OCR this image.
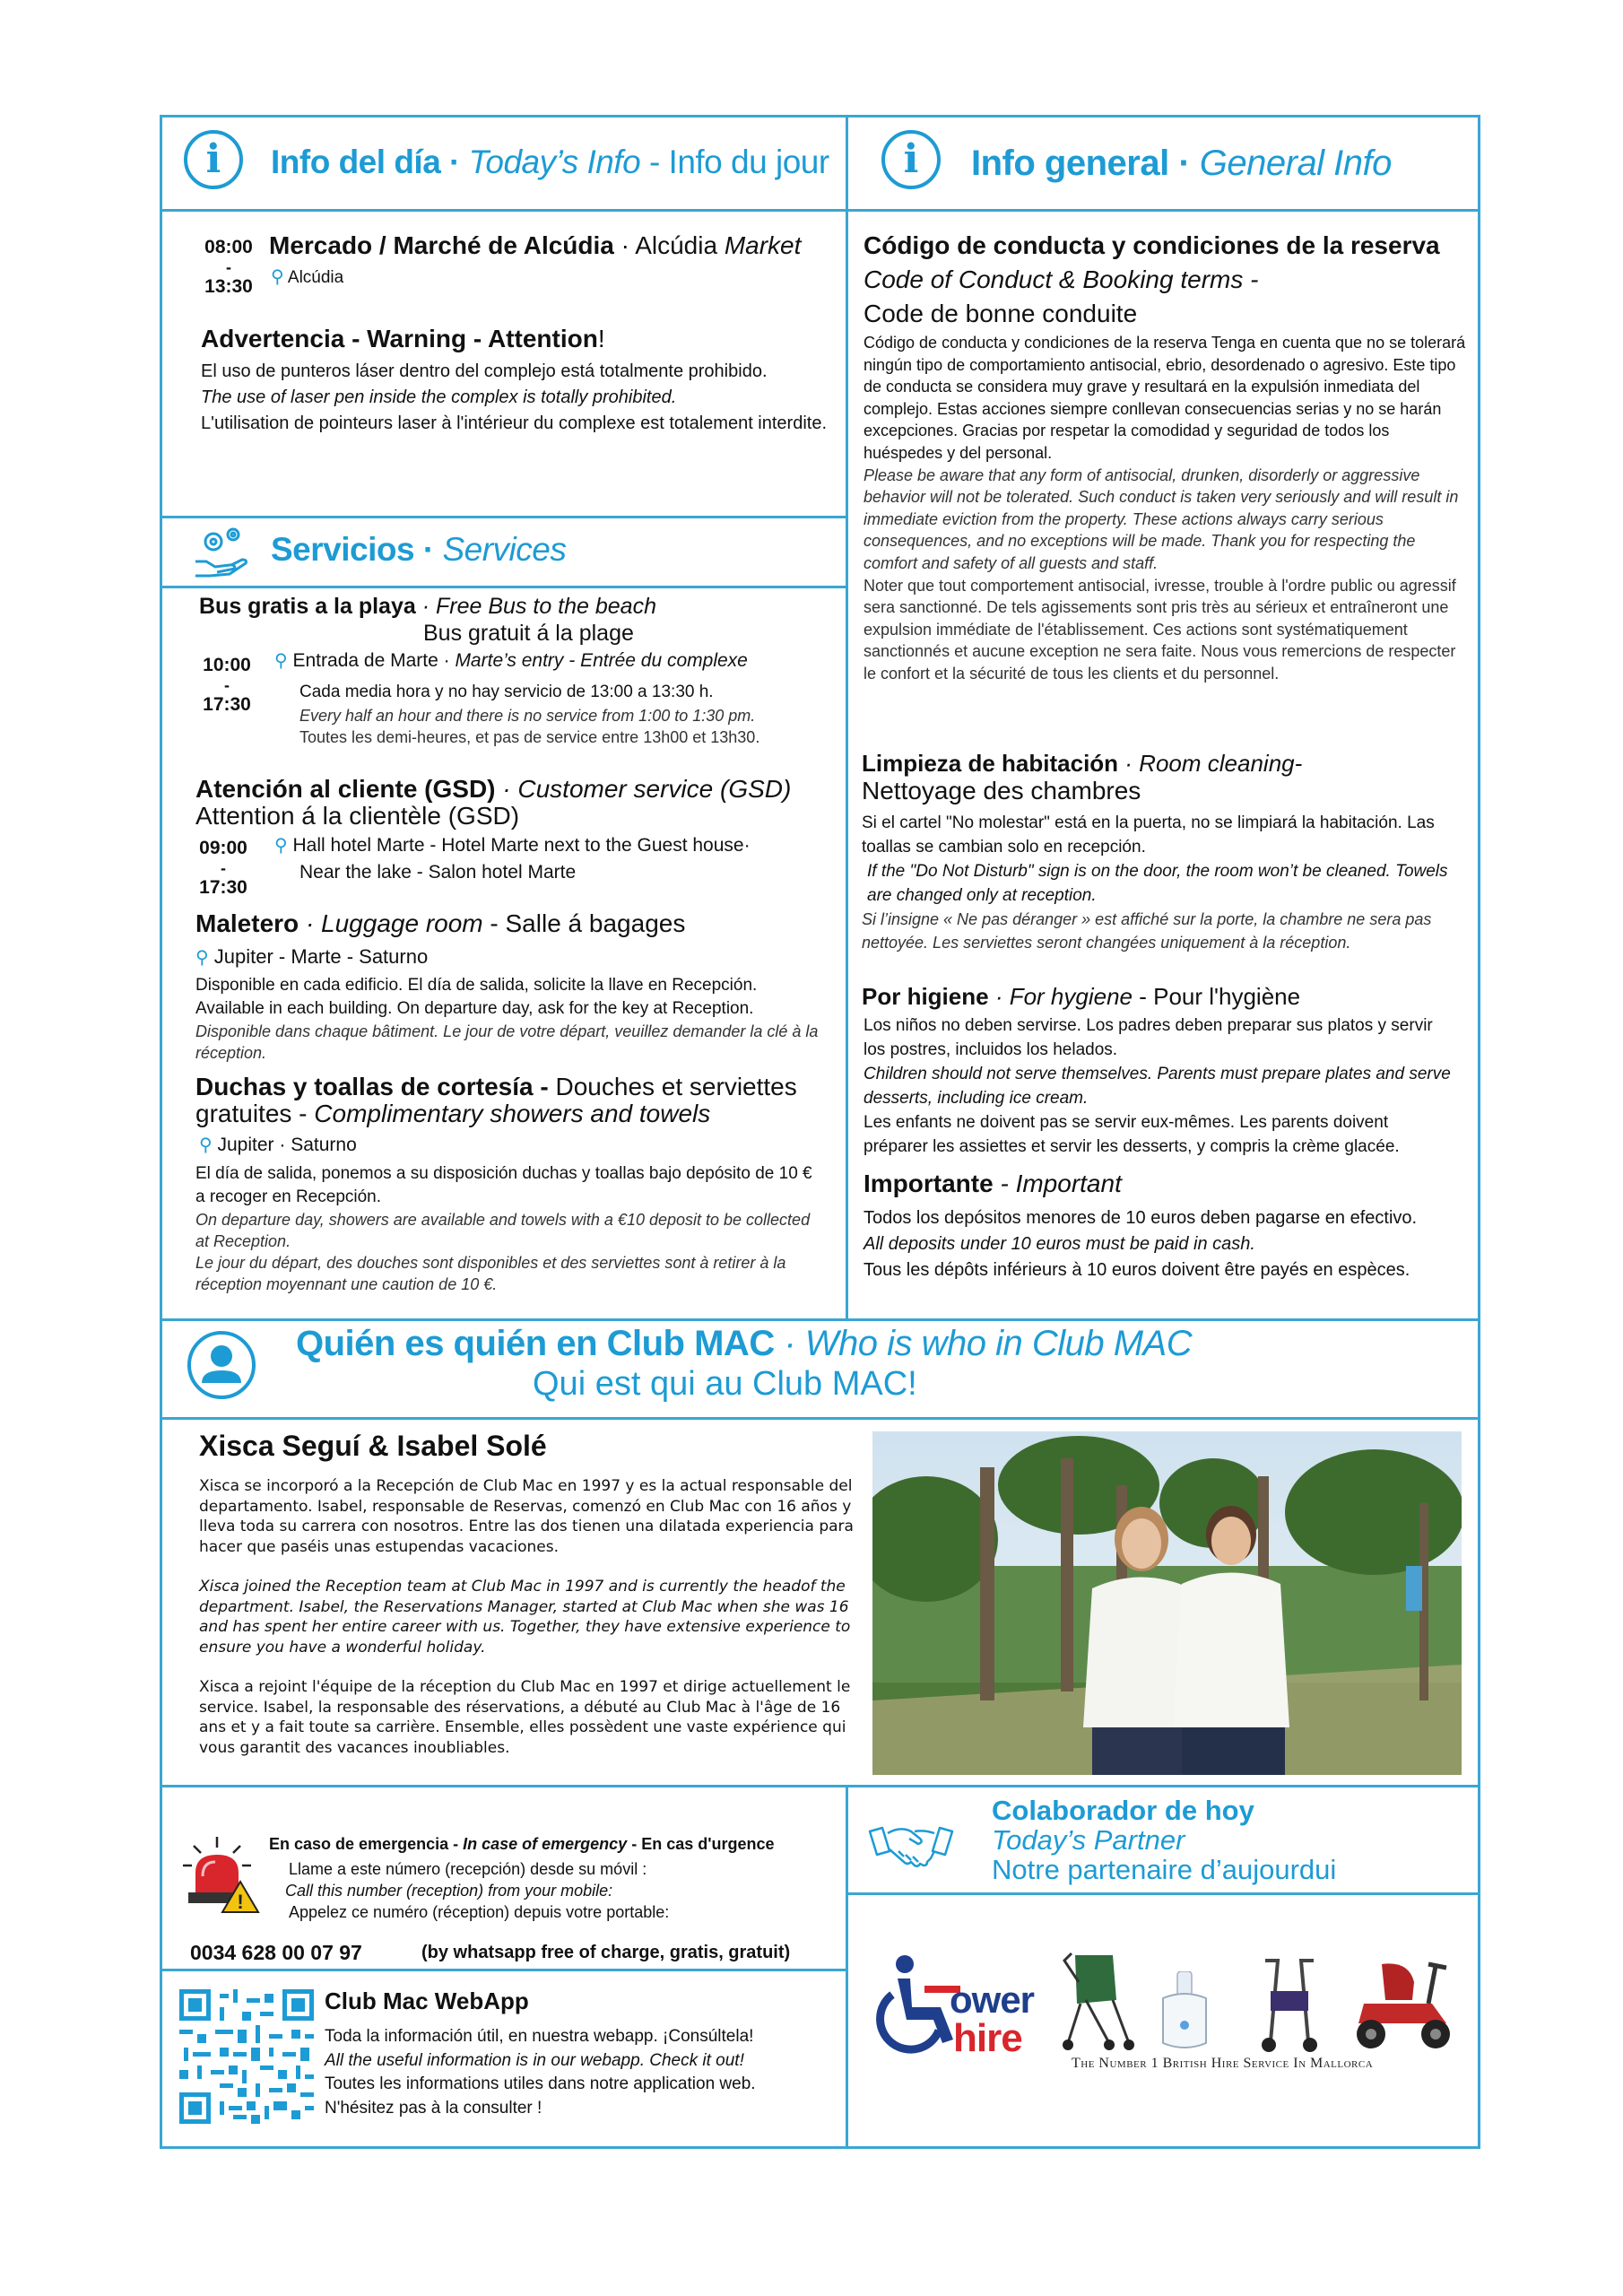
i	Info del día · Today’s Info - Info du jour
08:00
-
13:30
Mercado / Marché de Alcúdia · Alcúdia Market
⚲ Alcúdia
Advertencia - Warning - Attention!
El uso de punteros láser dentro del complejo está totalmente prohibido.
The use of laser pen inside the complex is totally prohibited.
L'utilisation de pointeurs laser à l'intérieur du complexe est totalement interdite.
Servicios · Services
Bus gratis a la playa · Free Bus to the beach
Bus gratuit á la plage
10:00
-
17:30
⚲ Entrada de Marte · Marte’s entry - Entrée du complexe
Cada media hora y no hay servicio de 13:00 a 13:30 h.
Every half an hour and there is no service from 1:00 to 1:30 pm.
Toutes les demi-heures, et pas de service entre 13h00 et 13h30.
Atención al cliente (GSD) · Customer service (GSD)
Attention á la clientèle (GSD)
09:00
-
17:30
⚲ Hall hotel Marte - Hotel Marte next to the Guest house·
Near the lake - Salon hotel Marte
Maletero · Luggage room - Salle á bagages
⚲ Jupiter - Marte - Saturno
Disponible en cada edificio. El día de salida, solicite la llave en Recepción.
Available in each building. On departure day, ask for the key at Reception.
Disponible dans chaque bâtiment. Le jour de votre départ, veuillez demander la clé à la réception.
Duchas y toallas de cortesía - Douches et serviettes
gratuites - Complimentary showers and towels
⚲ Jupiter · Saturno
El día de salida, ponemos a su disposición duchas y toallas bajo depósito de 10 € a recoger en Recepción.
On departure day, showers are available and towels with a €10 deposit to be collected at Reception.
Le jour du départ, des douches sont disponibles et des serviettes sont à retirer à la réception moyennant une caution de 10 €.
i	Info general · General Info
Código de conducta y condiciones de la reserva
Code of Conduct & Booking terms -
Code de bonne conduite
Código de conducta y condiciones de la reserva Tenga en cuenta que no se tolerará ningún tipo de comportamiento antisocial, ebrio, desordenado o agresivo. Este tipo de conducta se considera muy grave y resultará en la expulsión inmediata del complejo. Estas acciones siempre conllevan consecuencias serias y no se harán excepciones. Gracias por respetar la comodidad y seguridad de todos los huéspedes y del personal.
Please be aware that any form of antisocial, drunken, disorderly or aggressive behavior will not be tolerated. Such conduct is taken very seriously and will result in immediate eviction from the property. These actions always carry serious consequences, and no exceptions will be made. Thank you for respecting the comfort and safety of all guests and staff.
Noter que tout comportement antisocial, ivresse, trouble à l'ordre public ou agressif sera sanctionné. De tels agissements sont pris très au sérieux et entraîneront une expulsion immédiate de l'établissement. Ces actions sont systématiquement sanctionnés et aucune exception ne sera faite. Nous vous remercions de respecter le confort et la sécurité de tous les clients et du personnel.
Limpieza de habitación · Room cleaning-
Nettoyage des chambres
Si el cartel "No molestar" está en la puerta, no se limpiará la habitación. Las toallas se cambian solo en recepción.
If the "Do Not Disturb" sign is on the door, the room won’t be cleaned. Towels are changed only at reception.
Si l’insigne « Ne pas déranger » est affiché sur la porte, la chambre ne sera pas nettoyée. Les serviettes seront changées uniquement à la réception.
Por higiene · For hygiene - Pour l'hygiène
Los niños no deben servirse. Los padres deben preparar sus platos y servir los postres, incluidos los helados.
Children should not serve themselves. Parents must prepare plates and serve desserts, including ice cream.
Les enfants ne doivent pas se servir eux-mêmes. Les parents doivent préparer les assiettes et servir les desserts, y compris la crème glacée.
Importante - Important
Todos los depósitos menores de 10 euros deben pagarse en efectivo.
All deposits under 10 euros must be paid in cash.
Tous les dépôts inférieurs à 10 euros doivent être payés en espèces.
Quién es quién en Club MAC · Who is who in Club MAC
Qui est qui au Club MAC!
Xisca Seguí & Isabel Solé
Xisca se incorporó a la Recepción de Club Mac en 1997 y es la actual responsable del departamento. Isabel, responsable de Reservas, comenzó en Club Mac con 16 años y lleva toda su carrera con nosotros. Entre las dos tienen una dilatada experiencia para hacer que paséis unas estupendas vacaciones.
Xisca joined the Reception team at Club Mac in 1997 and is currently the headof the department. Isabel, the Reservations Manager, started at Club Mac when she was 16 and has spent her entire career with us. Together, they have extensive experience to ensure you have a wonderful holiday.
Xisca a rejoint l'équipe de la réception du Club Mac en 1997 et dirige actuellement le service. Isabel, la responsable des réservations, a débuté au Club Mac à l'âge de 16 ans et y a fait toute sa carrière. Ensemble, elles possèdent une vaste expérience qui vous garantit des vacances inoubliables.
!
En caso de emergencia - In case of emergency - En cas d'urgence
Llame a este número (recepción) desde su móvil :
Call this number (reception) from your mobile:
Appelez ce numéro (réception) depuis votre portable:
0034 628 00 07 97	(by whatsapp free of charge, gratis, gratuit)
Club Mac WebApp
Toda la información útil, en nuestra webapp. ¡Consúltela!
All the useful information is in our webapp. Check it out!
Toutes les informations utiles dans notre application web. N'hésitez pas à la consulter !
Colaborador de hoy
Today’s Partner
Notre partenaire d’aujourdui
ower
hire
The Number 1 British Hire Service In Mallorca
